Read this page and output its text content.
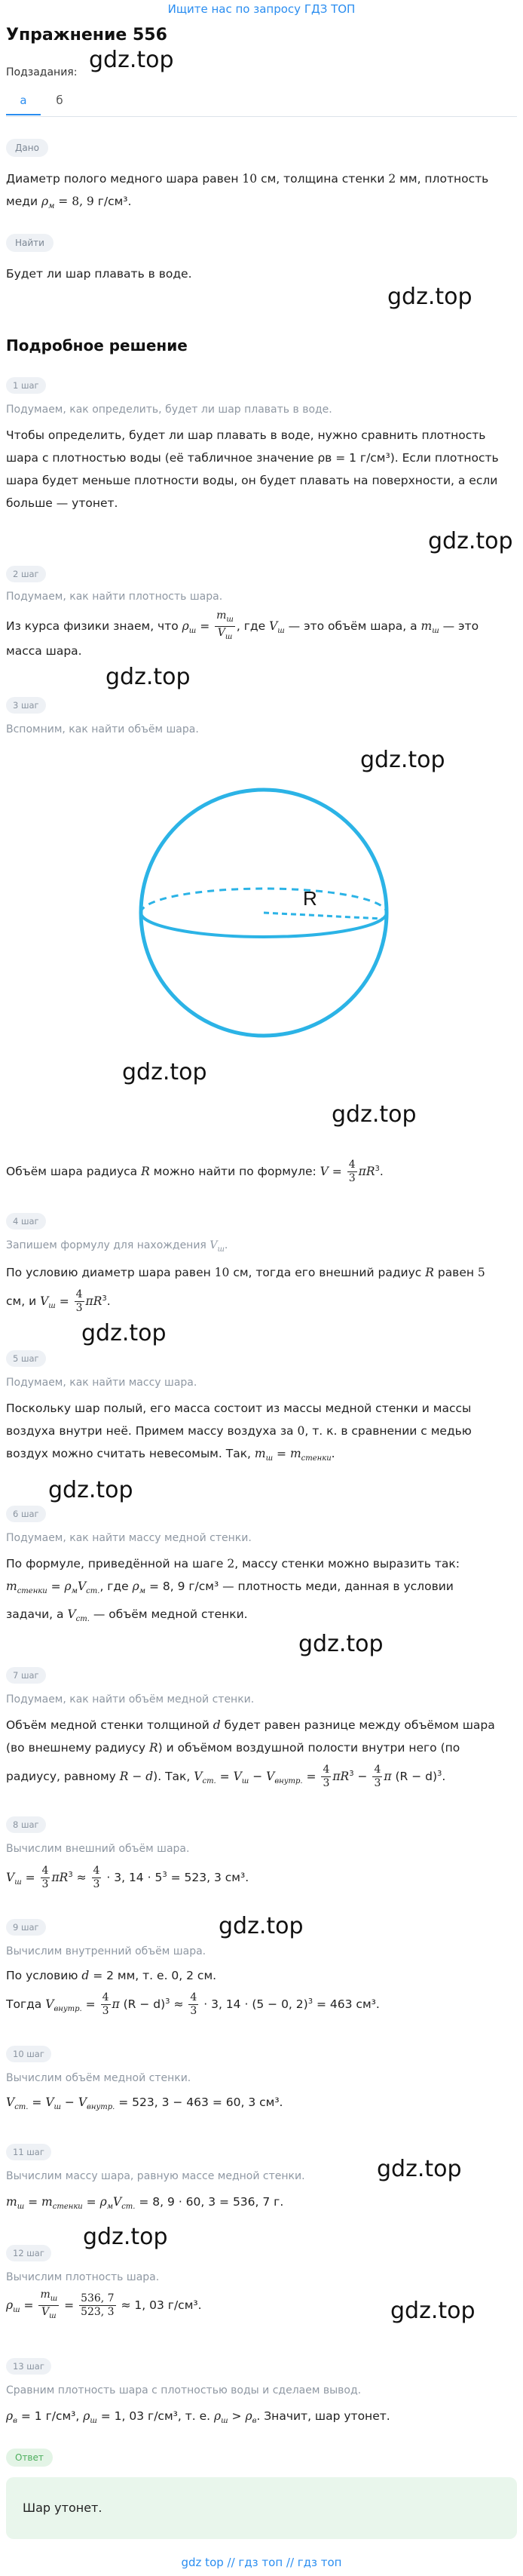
Ищите нас по запросу ГДЗ ТОП
Упражнение 556
gdz.top
Подзадания:
а	б
Дано
Диаметр полого медного шара равен 10 см, толщина стенки 2 мм, плотность
меди $\rho_м = 8$, 9 г/см³.
Найти
Будет ли шар плавать в воде.
gdz.top
Подробное решение
1 шаг
Подумаем, как определить, будет ли шар плавать в воде.
Чтобы определить, будет ли шар плавать в воде, нужно сравнить плотность
шара с плотностью воды (её табличное значение ρв = 1 г/см³). Если плотность
шара будет меньше плотности воды, он будет плавать на поверхности, а если
больше — утонет.
gdz.top
2 шаг
Подумаем, как найти плотность шара.
Из курса физики знаем, что $\rho_ш = \frac{m_ш}{V_ш}$ , где $V_ш$ — это объём шара, а $m_ш$ — это
масса шара.
gdz.top
3 шаг
Вспомним, как найти объём шара.
gdz.top
R
gdz.top
gdz.top
Объём шара радиуса R можно найти по формуле: $V = \frac{4}{3} \pi R^3$.
4 шаг
Запишем формулу для нахождения $V_ш$.
По условию диаметр шара равен 10 см, тогда его внешний радиус R равен 5
см, и $V_ш = \frac{4}{3} \pi R^3$.
gdz.top
5 шаг
Подумаем, как найти массу шара.
Поскольку шар полый, его масса состоит из массы медной стенки и массы
воздуха внутри неё. Примем массу воздуха за 0, т. к. в сравнении с медью
воздух можно считать невесомым. Так, $m_ш = m_{стенки}$.
gdz.top
6 шаг
Подумаем, как найти массу медной стенки.
По формуле, приведённой на шаге 2, массу стенки можно выразить так:
$m_{стенки} = \rho_мV_{ст.}$, где $\rho_м = 8$, 9 г/см³ — плотность меди, данная в условии
задачи, а $V_{ст.}$ — объём медной стенки.
gdz.top
7 шаг
Подумаем, как найти объём медной стенки.
Объём медной стенки толщиной d будет равен разнице между объёмом шара
(во внешнему радиусу R) и объёмом воздушной полости внутри него (по
радиусу, равному R − d). Так, $V_{ст.} = V_ш - V_{внутр.} = \frac{4}{3} \pi R^3 - \frac{4}{3}$ π $(R - d)^3$.
8 шаг
Вычислим внешний объём шара.
$V_ш = \frac{4}{3} \pi R^3 \approx \frac{4}{3} \cdot 3$, $14 \cdot 5^3 = 523$, 3 см³.
9 шаг	gdz.top
Вычислим внутренний объём шара.
По условию d = 2 мм, т. е. 0, 2 см.
Тогда $V_{внутр.} = \frac{4}{3}$ π $(R - d)^3 \approx \frac{4}{3} \cdot 3$, 14 · (5 − 0, 2)$^3$ = 463 см³.
10 шаг
Вычислим объём медной стенки.
$V_{ст.} = V_ш - V_{внутр.} = 523$, 3 − 463 = 60, 3 см³.
11 шаг
gdz.top
Вычислим массу шара, равную массе медной стенки.
$m_ш = m_{стенки} = \rho_мV_{ст.} = 8$, 9 · 60, 3 = 536, 7 г.
gdz.top
12 шаг
Вычислим плотность шара.
$\rho_ш = \frac{m_ш}{V_ш} = \frac{536, 7}{523, 3} \approx 1$, 03 г/см³.	gdz.top
13 шаг
Сравним плотность шара с плотностью воды и сделаем вывод.
$\rho_в = 1$ г/см³, $\rho_ш = 1$, 03 г/см³, т. е. $\rho_ш > \rho_в$. Значит, шар утонет.
Ответ
Шар утонет.
gdz top // гдз топ // гдз топ
